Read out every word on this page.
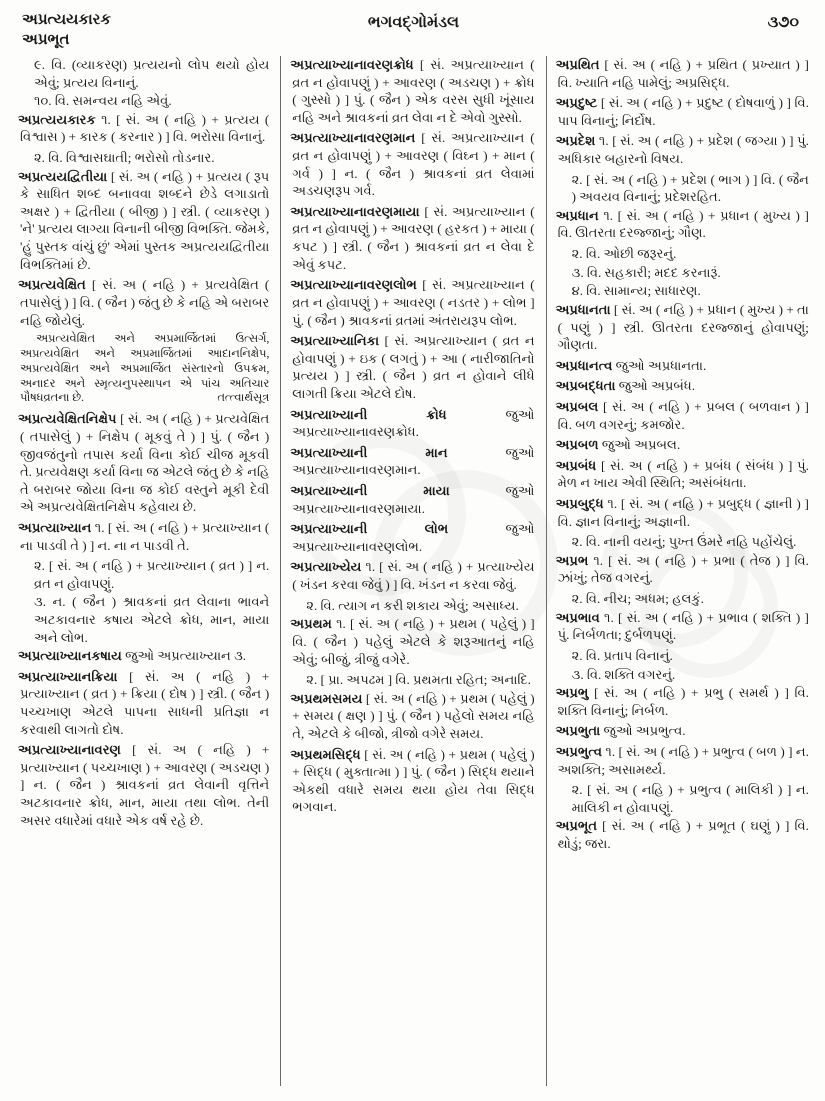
અપ્રત્યયકારક
અપ્રભૂત
ભગવદ્ગોમંડલ	૩૭૦

૯. વિ. (વ્યાકરણ) પ્રત્યયનો લોપ થયો હોય એવું; પ્રત્યય વિનાનું.

૧૦. વિ. સમન્વય નહિ એવું.

અપ્રત્યયકારક ૧. [ સં. અ ( નહિ ) + પ્રત્યય ( વિશ્વાસ ) + કારક ( કરનાર ) ] વિ. ભરોસા વિનાનું.

૨. વિ. વિશ્વાસઘાતી; ભરોસો તોડનાર.

અપ્રત્યયદ્વિતીયા [ સં. અ ( નહિ ) + પ્રત્યય ( રૂપ કે સાધિત શબ્દ બનાવવા શબ્દને છેડે લગાડાતો અક્ષર ) + દ્વિતીયા ( બીજી ) ] સ્ત્રી. ( વ્યાકરણ ) 'ને' પ્રત્યય લાગ્યા વિનાની બીજી વિભક્તિ. જેમકે, 'હું પુસ્તક વાંચું છું' એમાં પુસ્તક અપ્રત્યયદ્વિતીયા વિભક્તિમાં છે.

અપ્રત્યવેક્ષિત [ સં. અ ( નહિ ) + પ્રત્યવેક્ષિત ( તપાસેલું ) ] વિ. ( જૈન ) જંતુ છે કે નહિ એ બરાબર નહિ જોયેલું.

અપ્રત્યવેક્ષિત અને અપ્રમાર્જિતમાં ઉત્સર્ગ, અપ્રત્યવેક્ષિત અને અપ્રમાર્જિતમાં આદાનનિક્ષેપ, અપ્રત્યવેક્ષિત અને અપ્રમાર્જિત સંસ્તારનો ઉપક્રમ, અનાદર અને સ્મૃત્યનુપસ્થાપન એ પાંચ અતિચાર પૌષધવ્રતના છે.	તત્ત્વાર્થસૂત્ર

અપ્રત્યવેક્ષિતનિક્ષેપ [ સં. અ ( નહિ ) + પ્રત્યવેક્ષિત ( તપાસેલું ) + નિક્ષેપ ( મૂકવું તે ) ] પું. ( જૈન ) જીવજંતુનો તપાસ કર્યા વિના કોઈ ચીજ મૂકવી તે. પ્રત્યવેક્ષણ કર્યા વિના જ એટલે જંતુ છે કે નહિ તે બરાબર જોયા વિના જ કોઈ વસ્તુને મૂકી દેવી એ અપ્રત્યવેક્ષિતનિક્ષેપ કહેવાય છે.

અપ્રત્યાખ્યાન ૧. [ સં. અ ( નહિ ) + પ્રત્યાખ્યાન ( ના પાડવી તે ) ] ન. ના ન પાડવી તે.

૨. [ સં. અ ( નહિ ) + પ્રત્યાખ્યાન ( વ્રત ) ] ન. વ્રત ન હોવાપણું.

૩. ન. ( જૈન ) શ્રાવકનાં વ્રત લેવાના ભાવને અટકાવનાર કષાય એટલે ક્રોધ, માન, માયા અને લોભ.

અપ્રત્યાખ્યાનકષાય જુઓ અપ્રત્યાખ્યાન ૩.

અપ્રત્યાખ્યાનક્રિયા [ સં. અ ( નહિ ) + પ્રત્યાખ્યાન ( વ્રત ) + ક્રિયા ( દોષ ) ] સ્ત્રી. ( જૈન ) પચ્ચખાણ એટલે પાપના સાધની પ્રતિજ્ઞા ન કરવાથી લાગતો દોષ.

અપ્રત્યાખ્યાનાવરણ [ સં. અ ( નહિ ) + પ્રત્યાખ્યાન ( પચ્ચખાણ ) + આવરણ ( અડચણ ) ] ન. ( જૈન ) શ્રાવકનાં વ્રત લેવાની વૃત્તિને અટકાવનાર ક્રોધ, માન, માયા તથા લોભ. તેની અસર વધારેમાં વધારે એક વર્ષ રહે છે.

અપ્રત્યાખ્યાનાવરણક્રોધ [ સં. અપ્રત્યાખ્યાન ( વ્રત ન હોવાપણું ) + આવરણ ( અડચણ ) + ક્રોધ ( ગુસ્સો ) ] પું. ( જૈન ) એક વરસ સુધી ખૂંસાય નહિ અને શ્રાવકનાં વ્રત લેવા ન દે એવો ગુસ્સો.

અપ્રત્યાખ્યાનાવરણમાન [ સં. અપ્રત્યાખ્યાન ( વ્રત ન હોવાપણું ) + આવરણ ( વિઘ્ન ) + માન ( ગર્વ ) ] ન. ( જૈન ) શ્રાવકનાં વ્રત લેવામાં અડચણરૂપ ગર્વ.

અપ્રત્યાખ્યાનાવરણમાયા [ સં. અપ્રત્યાખ્યાન ( વ્રત ન હોવાપણું ) + આવરણ ( હરકત ) + માયા ( કપટ ) ] સ્ત્રી. ( જૈન ) શ્રાવકનાં વ્રત ન લેવા દે એવું કપટ.

અપ્રત્યાખ્યાનાવરણલોભ [ સં. અપ્રત્યાખ્યાન ( વ્રત ન હોવાપણું ) + આવરણ ( નડતર ) + લોભ ] પું. ( જૈન ) શ્રાવકનાં વ્રતમાં અંતરાયરૂપ લોભ.

અપ્રત્યાખ્યાનિકા [ સં. અપ્રત્યાખ્યાન ( વ્રત ન હોવાપણું ) + ઇક ( લગતું ) + આ ( નારીજાતિનો પ્રત્યય ) ] સ્ત્રી. ( જૈન ) વ્રત ન હોવાને લીધે લાગતી ક્રિયા એટલે દોષ.

અપ્રત્યાખ્યાની ક્રોધ જુઓ અપ્રત્યાખ્યાનાવરણક્રોધ.

અપ્રત્યાખ્યાની માન જુઓ અપ્રત્યાખ્યાનાવરણમાન.

અપ્રત્યાખ્યાની માયા જુઓ અપ્રત્યાખ્યાનાવરણમાયા.

અપ્રત્યાખ્યાની લોભ જુઓ અપ્રત્યાખ્યાનાવરણલોભ.

અપ્રત્યાખ્યેય ૧. [ સં. અ ( નહિ ) + પ્રત્યાખ્યેય ( ખંડન કરવા જેવું ) ] વિ. ખંડન ન કરવા જેવું.

૨. વિ. ત્યાગ ન કરી શકાય એવું; અસાધ્ય.

અપ્રથમ ૧. [ સં. અ ( નહિ ) + પ્રથમ ( પહેલું ) ] વિ. ( જૈન ) પહેલું એટલે કે શરૂઆતનું નહિ એવું; બીજું, ત્રીજું વગેરે.

૨. [ પ્રા. અપઢમ ] વિ. પ્રથમતા રહિત; અનાદિ.

અપ્રથમસમય [ સં. અ ( નહિ ) + પ્રથમ ( પહેલું ) + સમય ( ક્ષણ ) ] પું. ( જૈન ) પહેલો સમય નહિ તે, એટલે કે બીજો, ત્રીજો વગેરે સમય.

અપ્રથમસિદ્ધ [ સં. અ ( નહિ ) + પ્રથમ ( પહેલું ) + સિદ્ધ ( મુક્તાત્મા ) ] પું. ( જૈન ) સિદ્ધ થયાને એકથી વધારે સમય થયા હોય તેવા સિદ્ધ ભગવાન.

અપ્રથિત [ સં. અ ( નહિ ) + પ્રથિત ( પ્રખ્યાત ) ] વિ. ખ્યાતિ નહિ પામેલું; અપ્રસિદ્ધ.

અપ્રદુષ્ટ [ સં. અ ( નહિ ) + પ્રદુષ્ટ ( દોષવાળું ) ] વિ. પાપ વિનાનું; નિર્દોષ.

અપ્રદેશ ૧. [ સં. અ ( નહિ ) + પ્રદેશ ( જગ્યા ) ] પું. અધિકાર બહારનો વિષય.

૨. [ સં. અ ( નહિ ) + પ્રદેશ ( ભાગ ) ] વિ. ( જૈન ) અવયવ વિનાનું; પ્રદેશરહિત.

અપ્રધાન ૧. [ સં. અ ( નહિ ) + પ્રધાન ( મુખ્ય ) ] વિ. ઊતરતા દરજ્જાનું; ગૌણ.

૨. વિ. ઓછી જરૂરનું.

૩. વિ. સહકારી; મદદ કરનારૂં.

૪. વિ. સામાન્ય; સાધારણ.

અપ્રધાનતા [ સં. અ ( નહિ ) + પ્રધાન ( મુખ્ય ) + તા ( પણું ) ] સ્ત્રી. ઊતરતા દરજ્જાનું હોવાપણું; ગૌણતા.

અપ્રધાનત્વ જુઓ અપ્રધાનતા.

અપ્રબદ્ધતા જુઓ અપ્રબંધ.

અપ્રબલ [ સં. અ ( નહિ ) + પ્રબલ ( બળવાન ) ] વિ. બળ વગરનું; કમજોર.

અપ્રબળ જુઓ અપ્રબલ.

અપ્રબંધ [ સં. અ ( નહિ ) + પ્રબંધ ( સંબંધ ) ] પું. મેળ ન ખાય એવી સ્થિતિ; અસંબંધતા.

અપ્રબુદ્ધ ૧. [ સં. અ ( નહિ ) + પ્રબુદ્ધ ( જ્ઞાની ) ] વિ. જ્ઞાન વિનાનું; અજ્ઞાની.

૨. વિ. નાની વયનું; પુખ્ત ઉંમરે નહિ પહોંચેલું.

અપ્રભ ૧. [ સં. અ ( નહિ ) + પ્રભા ( તેજ ) ] વિ. ઝાંખું; તેજ વગરનું.

૨. વિ. નીચ; અધમ; હલકું.

અપ્રભાવ ૧. [ સં. અ ( નહિ ) + પ્રભાવ ( શક્તિ ) ] પું. નિર્બળતા; દુર્બળપણું.

૨. વિ. પ્રતાપ વિનાનું.

૩. વિ. શક્તિ વગરનું.

અપ્રભુ [ સં. અ ( નહિ ) + પ્રભુ ( સમર્થ ) ] વિ. શક્તિ વિનાનું; નિર્બળ.

અપ્રભુતા જુઓ અપ્રભુત્વ.

અપ્રભુત્વ ૧. [ સં. અ ( નહિ ) + પ્રભુત્વ ( બળ ) ] ન. અશક્તિ; અસામર્થ્ય.

૨. [ સં. અ ( નહિ ) + પ્રભુત્વ ( માલિકી ) ] ન. માલિકી ન હોવાપણું.

અપ્રભૂત [ સં. અ ( નહિ ) + પ્રભૂત ( ઘણું ) ] વિ. થોડું; જરા.
